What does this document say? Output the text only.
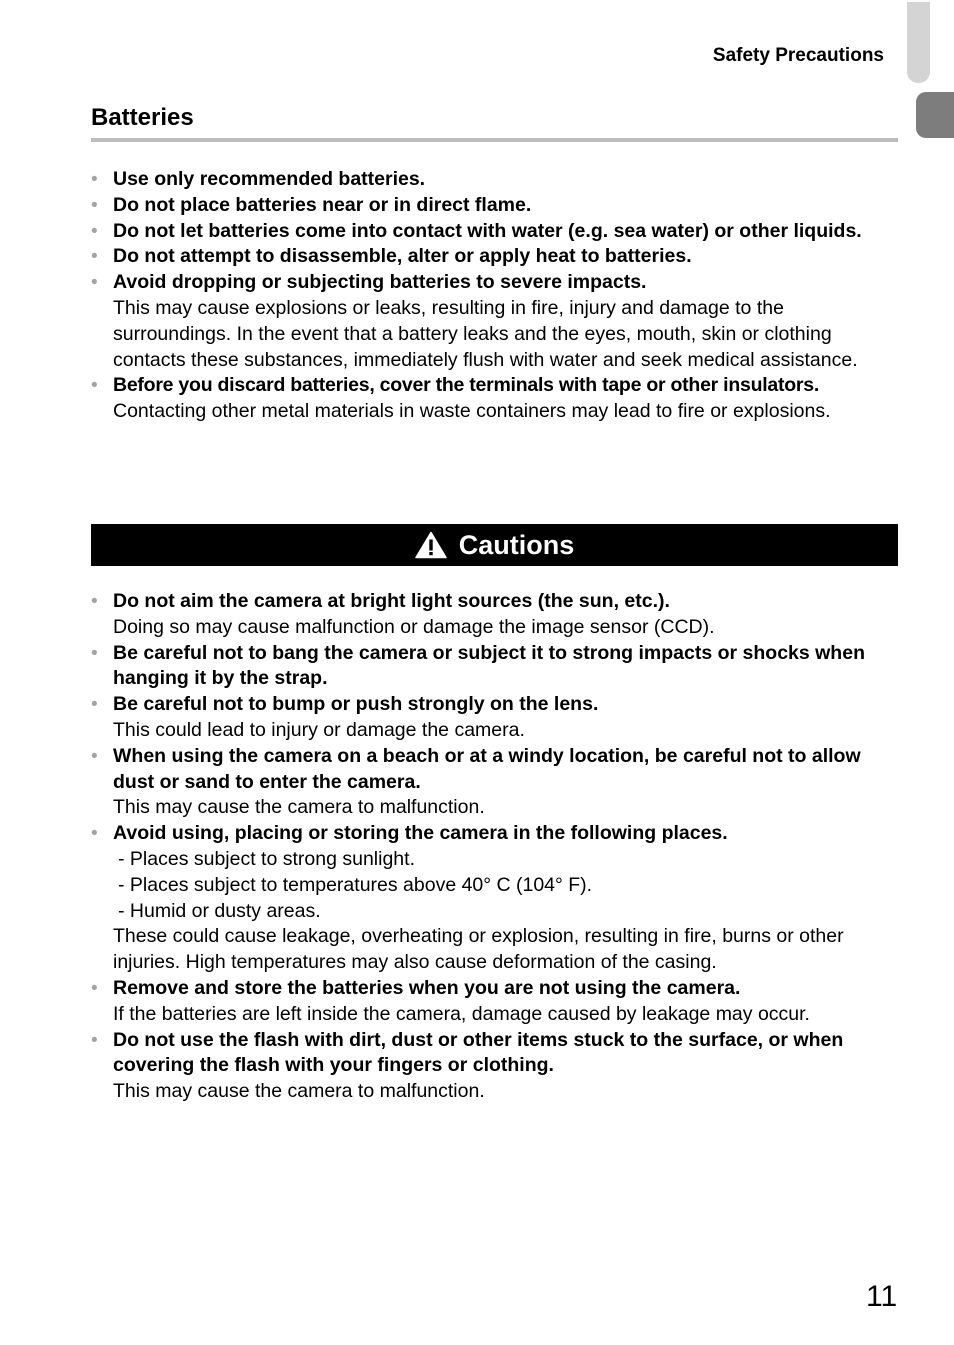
Safety Precautions
Batteries
• Use only recommended batteries.
• Do not place batteries near or in direct flame.
• Do not let batteries come into contact with water (e.g. sea water) or other liquids.
• Do not attempt to disassemble, alter or apply heat to batteries.
• Avoid dropping or subjecting batteries to severe impacts.
This may cause explosions or leaks, resulting in fire, injury and damage to the surroundings. In the event that a battery leaks and the eyes, mouth, skin or clothing contacts these substances, immediately flush with water and seek medical assistance.
• Before you discard batteries, cover the terminals with tape or other insulators.
Contacting other metal materials in waste containers may lead to fire or explosions.
Cautions
• Do not aim the camera at bright light sources (the sun, etc.).
Doing so may cause malfunction or damage the image sensor (CCD).
• Be careful not to bang the camera or subject it to strong impacts or shocks when hanging it by the strap.
• Be careful not to bump or push strongly on the lens.
This could lead to injury or damage the camera.
• When using the camera on a beach or at a windy location, be careful not to allow dust or sand to enter the camera.
This may cause the camera to malfunction.
• Avoid using, placing or storing the camera in the following places.
- Places subject to strong sunlight.
- Places subject to temperatures above 40° C (104° F).
- Humid or dusty areas.
These could cause leakage, overheating or explosion, resulting in fire, burns or other injuries. High temperatures may also cause deformation of the casing.
• Remove and store the batteries when you are not using the camera.
If the batteries are left inside the camera, damage caused by leakage may occur.
• Do not use the flash with dirt, dust or other items stuck to the surface, or when covering the flash with your fingers or clothing.
This may cause the camera to malfunction.
11
